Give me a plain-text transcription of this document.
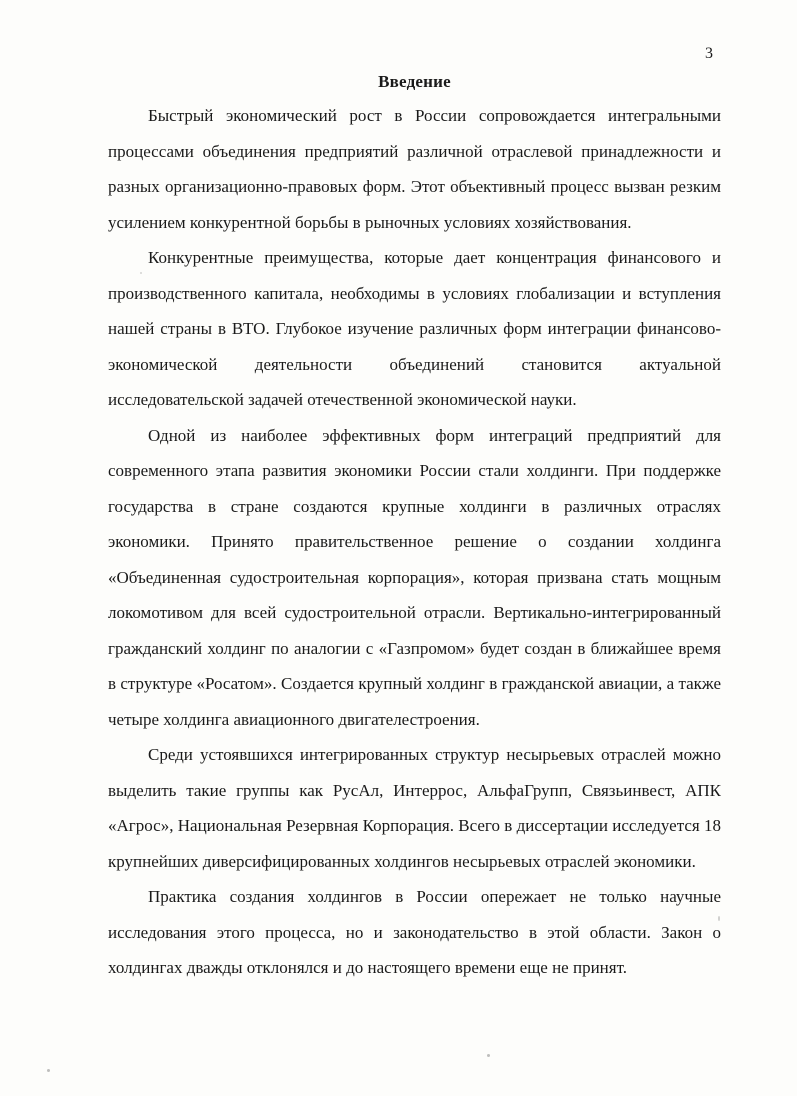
3
Введение

Быстрый экономический рост в России сопровождается интегральными процессами объединения предприятий различной отраслевой принадлежности и разных организационно-правовых форм. Этот объективный процесс вызван резким усилением конкурентной борьбы в рыночных условиях хозяйствования.

Конкурентные преимущества, которые дает концентрация финансового и производственного капитала, необходимы в условиях глобализации и вступления нашей страны в ВТО. Глубокое изучение различных форм интеграции финансово-экономической деятельности объединений становится актуальной исследовательской задачей отечественной экономической науки.

Одной из наиболее эффективных форм интеграций предприятий для современного этапа развития экономики России стали холдинги. При поддержке государства в стране создаются крупные холдинги в различных отраслях экономики. Принято правительственное решение о создании холдинга «Объединенная судостроительная корпорация», которая призвана стать мощным локомотивом для всей судостроительной отрасли. Вертикально-интегрированный гражданский холдинг по аналогии с «Газпромом» будет создан в ближайшее время в структуре «Росатом». Создается крупный холдинг в гражданской авиации, а также четыре холдинга авиационного двигателестроения.

Среди устоявшихся интегрированных структур несырьевых отраслей можно выделить такие группы как РусАл, Интеррос, АльфаГрупп, Связьинвест, АПК «Агрос», Национальная Резервная Корпорация. Всего в диссертации исследуется 18 крупнейших диверсифицированных холдингов несырьевых отраслей экономики.

Практика создания холдингов в России опережает не только научные исследования этого процесса, но и законодательство в этой области. Закон о холдингах дважды отклонялся и до настоящего времени еще не принят.
